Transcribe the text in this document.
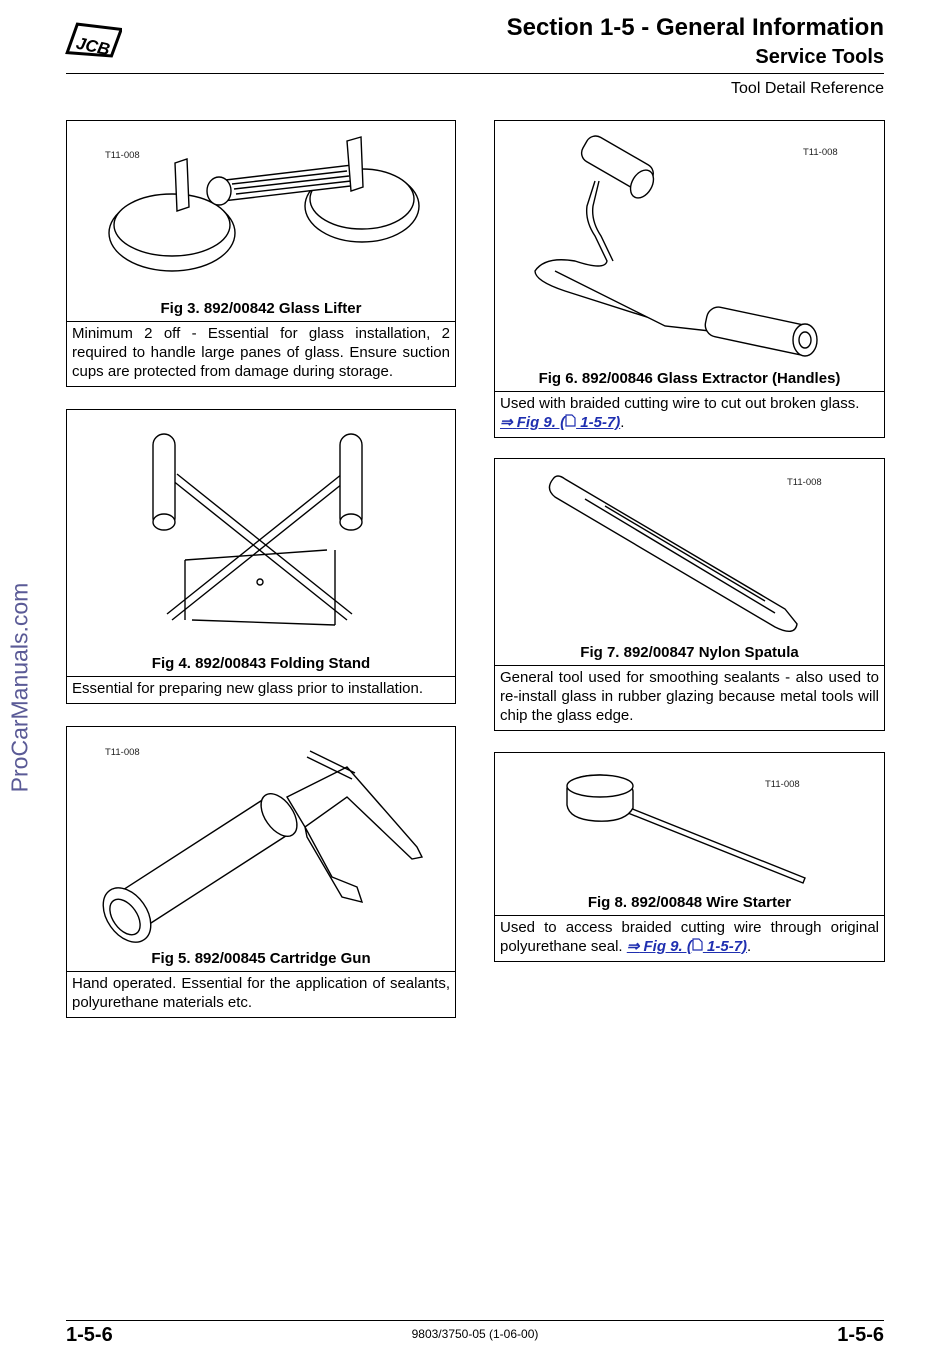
JCB
Section 1-5 - General Information
Service Tools
Tool Detail Reference
ProCarManuals.com
T11-008
Fig 3. 892/00842 Glass Lifter
Minimum 2 off - Essential for glass installation, 2 required to handle large panes of glass. Ensure suction cups are protected from damage during storage.
Fig 4. 892/00843 Folding Stand
Essential for preparing new glass prior to installation.
T11-008
Fig 5. 892/00845 Cartridge Gun
Hand operated. Essential for the application of sealants, polyurethane materials etc.
T11-008
Fig 6. 892/00846 Glass Extractor (Handles)
Used with braided cutting wire to cut out broken glass.
⇒ Fig 9. ( 1-5-7).
T11-008
Fig 7. 892/00847 Nylon Spatula
General tool used for smoothing sealants - also used to re-install glass in rubber glazing because metal tools will chip the glass edge.
T11-008
Fig 8. 892/00848 Wire Starter
Used to access braided cutting wire through original polyurethane seal. ⇒ Fig 9. ( 1-5-7).
1-5-6	9803/3750-05 (1-06-00)	1-5-6
